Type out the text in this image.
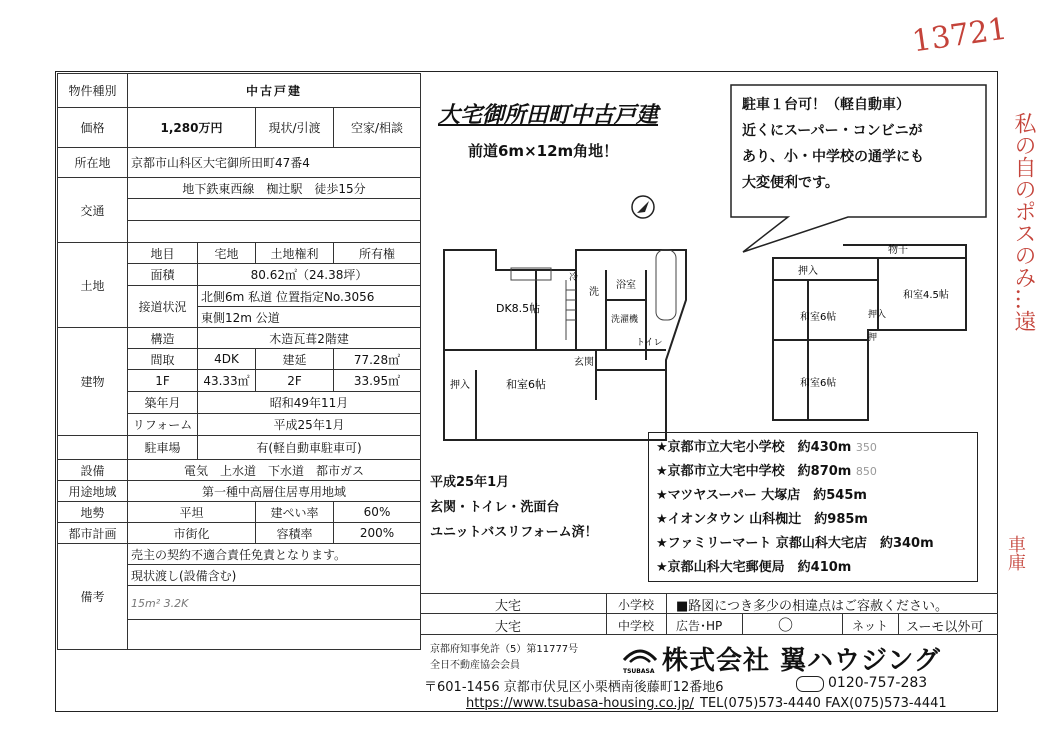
13721
私の自のポスのみ…遠
車庫
物件種別	中古戸建			
価格	1,280万円		現状/引渡	空家/相談
所在地	京都市山科区大宅御所田町47番4			
交通	地下鉄東西線　椥辻駅　徒歩15分			

土地	地目	宅地	土地権利	所有権
	面積	80.62㎡（24.38坪）		
	接道状況	北側6m 私道 位置指定No.3056		
		東側12m 公道		
建物	構造	木造瓦葺2階建		
	間取	4DK	建延	77.28㎡
	1F	43.33㎡	2F	33.95㎡
	築年月	昭和49年11月		
	リフォーム	平成25年1月		
	駐車場	有(軽自動車駐車可)		
設備	電気　上水道　下水道　都市ガス			
用途地域	第一種中高層住居専用地域			
地勢	平坦		建ぺい率	60%
都市計画	市街化		容積率	200%
備考	売主の契約不適合責任免責となります。			
	現状渡し(設備含む)			
	15m² 3.2K			

大宅御所田町中古戸建
前道6m×12m角地！
駐車１台可！（軽自動車）
近くにスーパー・コンビニが
あり、小・中学校の通学にも
大変便利です。
DK8.5帖
洗
浴室
洗濯機
トイレ
玄関
押入	和室6帖
冷
物干
押入
和室4.5帖
和室6帖	押入
押
和室6帖
平成25年1月
玄関・トイレ・洗面台
ユニットバスリフォーム済！
★京都市立大宅小学校　 約430m 350
★京都市立大宅中学校　 約870m 850
★マツヤスーパー 大塚店　 約545m
★イオンタウン 山科椥辻　 約985m
★ファミリーマート 京都山科大宅店　 約340m
★京都山科大宅郵便局　 約410m
大宅	小学校 ■路図につき多少の相違点はご容赦ください。
大宅	中学校 広告･HP	〇	ネット スーモ以外可
京都府知事免許（5）第11777号
全日不動産協会会員
TSUBASA 株式会社 翼ハウジング
〒601-1456 京都市伏見区小栗栖南後藤町12番地6	0120-757-283
https://www.tsubasa-housing.co.jp/ TEL(075)573-4440 FAX(075)573-4441
